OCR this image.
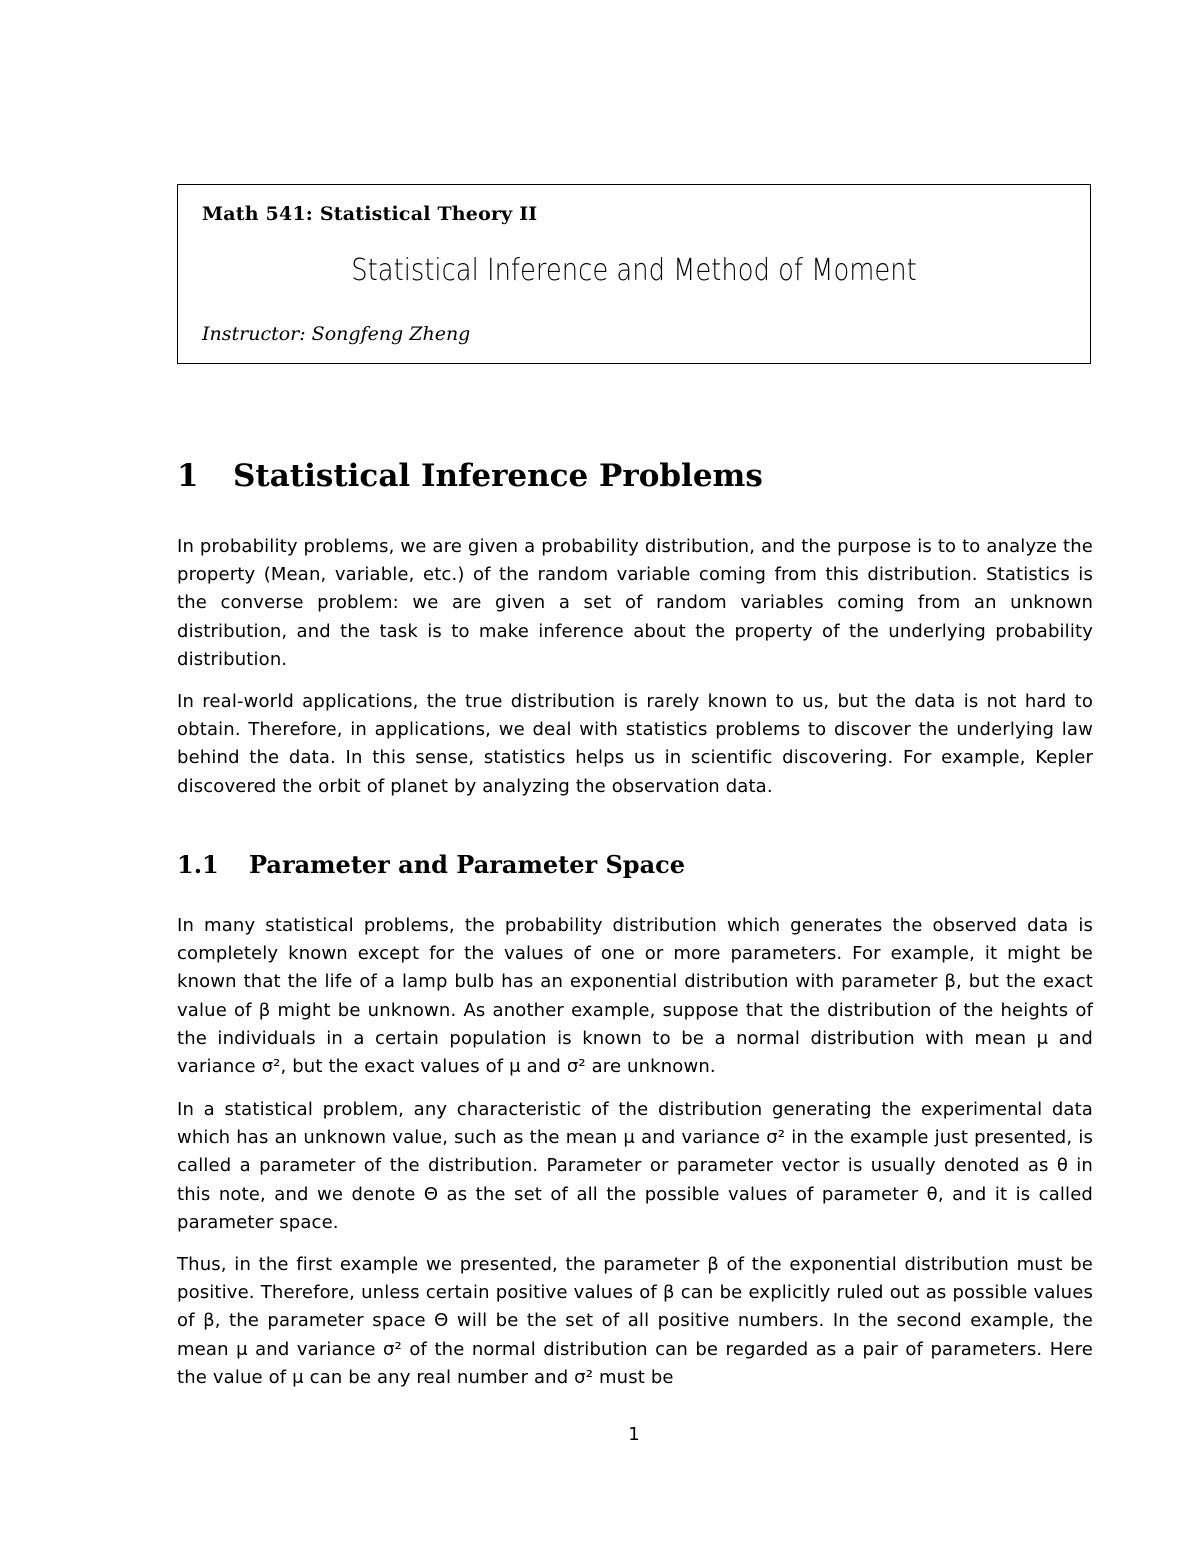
Math 541: Statistical Theory II
Statistical Inference and Method of Moment
Instructor: Songfeng Zheng
1 Statistical Inference Problems
In probability problems, we are given a probability distribution, and the purpose is to to analyze the property (Mean, variable, etc.) of the random variable coming from this distribution. Statistics is the converse problem: we are given a set of random variables coming from an unknown distribution, and the task is to make inference about the property of the underlying probability distribution.
In real-world applications, the true distribution is rarely known to us, but the data is not hard to obtain. Therefore, in applications, we deal with statistics problems to discover the underlying law behind the data. In this sense, statistics helps us in scientific discovering. For example, Kepler discovered the orbit of planet by analyzing the observation data.
1.1 Parameter and Parameter Space
In many statistical problems, the probability distribution which generates the observed data is completely known except for the values of one or more parameters. For example, it might be known that the life of a lamp bulb has an exponential distribution with parameter β, but the exact value of β might be unknown. As another example, suppose that the distribution of the heights of the individuals in a certain population is known to be a normal distribution with mean μ and variance σ², but the exact values of μ and σ² are unknown.
In a statistical problem, any characteristic of the distribution generating the experimental data which has an unknown value, such as the mean μ and variance σ² in the example just presented, is called a parameter of the distribution. Parameter or parameter vector is usually denoted as θ in this note, and we denote Θ as the set of all the possible values of parameter θ, and it is called parameter space.
Thus, in the first example we presented, the parameter β of the exponential distribution must be positive. Therefore, unless certain positive values of β can be explicitly ruled out as possible values of β, the parameter space Θ will be the set of all positive numbers. In the second example, the mean μ and variance σ² of the normal distribution can be regarded as a pair of parameters. Here the value of μ can be any real number and σ² must be
1
